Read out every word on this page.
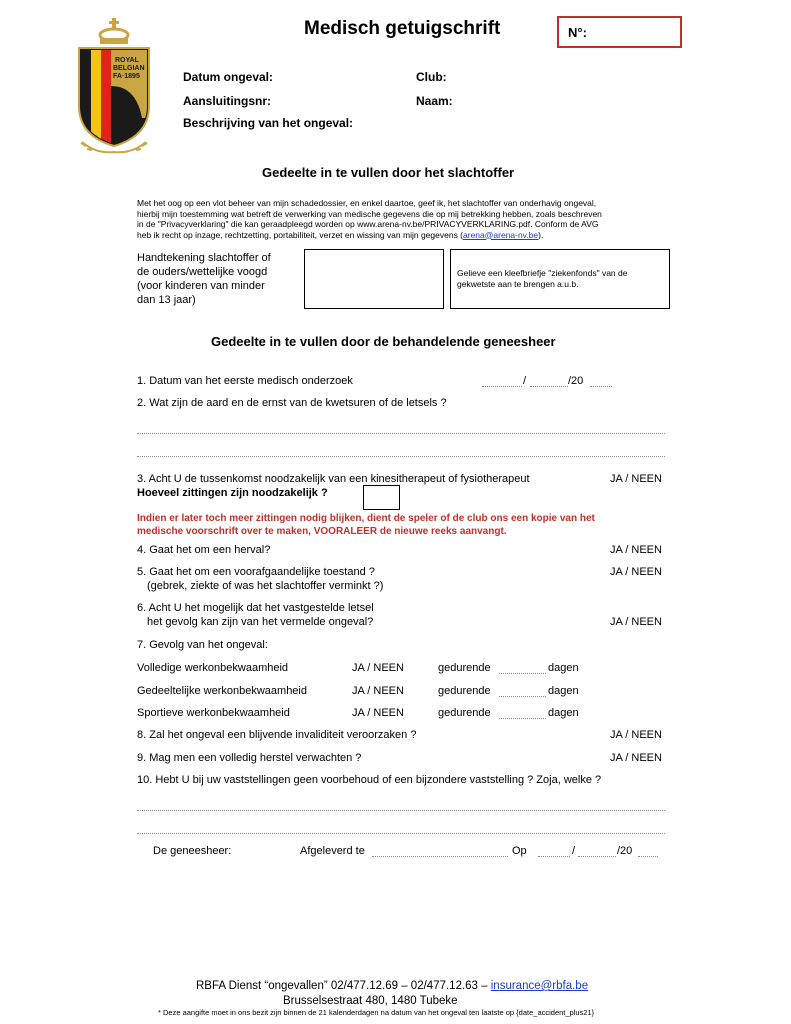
ROYAL
BELGIAN
FA·1895
Medisch getuigschrift	N°:
Datum ongeval:	Club:
Aansluitingsnr:	Naam:
Beschrijving van het ongeval:
Gedeelte in te vullen door het slachtoffer
Met het oog op een vlot beheer van mijn schadedossier, en enkel daartoe, geef ik, het slachtoffer van onderhavig ongeval,
hierbij mijn toestemming wat betreft de verwerking van medische gegevens die op mij betrekking hebben, zoals beschreven
in de "Privacyverklaring" die kan geraadpleegd worden op www.arena-nv.be/PRIVACYVERKLARING.pdf. Conform de AVG
heb ik recht op inzage, rechtzetting, portabiliteit, verzet en wissing van mijn gegevens (arena@arena-nv.be).
Handtekening slachtoffer of
de ouders/wettelijke voogd
(voor kinderen van minder
dan 13 jaar)
Gelieve een kleefbriefje "ziekenfonds" van de
gekwetste aan te brengen a.u.b.
Gedeelte in te vullen door de behandelende geneesheer
1. Datum van het eerste medisch onderzoek	/	/20
2. Wat zijn de aard en de ernst van de kwetsuren of de letsels ?
3. Acht U de tussenkomst noodzakelijk van een kinesitherapeut of fysiotherapeut	JA / NEEN
Hoeveel zittingen zijn noodzakelijk ?
Indien er later toch meer zittingen nodig blijken, dient de speler of de club ons een kopie van het
medische voorschrift over te maken, VOORALEER de nieuwe reeks aanvangt.
4. Gaat het om een herval?	JA / NEEN
5. Gaat het om een voorafgaandelijke toestand ?
(gebrek, ziekte of was het slachtoffer verminkt ?)
JA / NEEN
6. Acht U het mogelijk dat het vastgestelde letsel
het gevolg kan zijn van het vermelde ongeval?	JA / NEEN
7. Gevolg van het ongeval:
Volledige werkonbekwaamheid	JA / NEEN	gedurende	dagen
Gedeeltelijke werkonbekwaamheid	JA / NEEN	gedurende	dagen
Sportieve werkonbekwaamheid	JA / NEEN	gedurende	dagen
8. Zal het ongeval een blijvende invaliditeit veroorzaken ?	JA / NEEN
9. Mag men een volledig herstel verwachten ?	JA / NEEN
10. Hebt U bij uw vaststellingen geen voorbehoud of een bijzondere vaststelling ? Zoja, welke ?
De geneesheer:	Afgeleverd te	Op	/	/20
RBFA Dienst “ongevallen” 02/477.12.69 – 02/477.12.63 – insurance@rbfa.be
Brusselsestraat 480, 1480 Tubeke
* Deze aangifte moet in ons bezit zijn binnen de 21 kalenderdagen na datum van het ongeval ten laatste op {date_accident_plus21}
